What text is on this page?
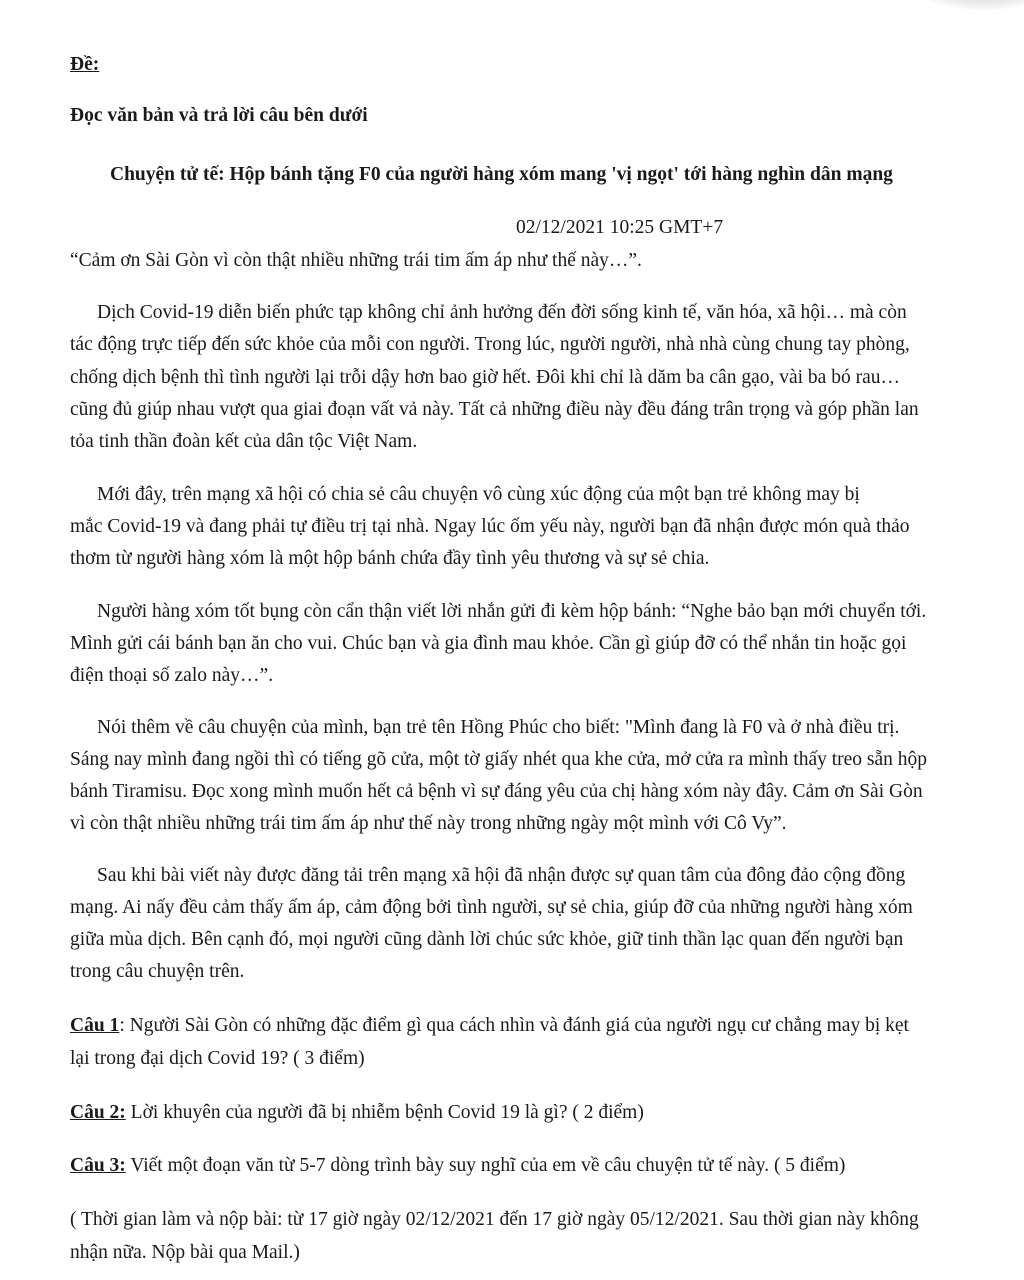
Đề:
Đọc văn bản và trả lời câu bên dưới
Chuyện tử tế: Hộp bánh tặng F0 của người hàng xóm mang 'vị ngọt' tới hàng nghìn dân mạng
02/12/2021 10:25 GMT+7
“Cảm ơn Sài Gòn vì còn thật nhiều những trái tim ấm áp như thế này…”.
Dịch Covid-19 diễn biến phức tạp không chỉ ảnh hưởng đến đời sống kinh tế, văn hóa, xã hội… mà còn
tác động trực tiếp đến sức khỏe của mỗi con người. Trong lúc, người người, nhà nhà cùng chung tay phòng,
chống dịch bệnh thì tình người lại trỗi dậy hơn bao giờ hết. Đôi khi chỉ là dăm ba cân gạo, vài ba bó rau…
cũng đủ giúp nhau vượt qua giai đoạn vất vả này. Tất cả những điều này đều đáng trân trọng và góp phần lan
tỏa tinh thần đoàn kết của dân tộc Việt Nam.
Mới đây, trên mạng xã hội có chia sẻ câu chuyện vô cùng xúc động của một bạn trẻ không may bị
mắc Covid-19 và đang phải tự điều trị tại nhà. Ngay lúc ốm yếu này, người bạn đã nhận được món quà thảo
thơm từ người hàng xóm là một hộp bánh chứa đầy tình yêu thương và sự sẻ chia.
Người hàng xóm tốt bụng còn cẩn thận viết lời nhắn gửi đi kèm hộp bánh: “Nghe bảo bạn mới chuyển tới.
Mình gửi cái bánh bạn ăn cho vui. Chúc bạn và gia đình mau khỏe. Cần gì giúp đỡ có thể nhắn tin hoặc gọi
điện thoại số zalo này…”.
Nói thêm về câu chuyện của mình, bạn trẻ tên Hồng Phúc cho biết: "Mình đang là F0 và ở nhà điều trị.
Sáng nay mình đang ngồi thì có tiếng gõ cửa, một tờ giấy nhét qua khe cửa, mở cửa ra mình thấy treo sẵn hộp
bánh Tiramisu. Đọc xong mình muốn hết cả bệnh vì sự đáng yêu của chị hàng xóm này đây. Cảm ơn Sài Gòn
vì còn thật nhiều những trái tim ấm áp như thế này trong những ngày một mình với Cô Vy”.
Sau khi bài viết này được đăng tải trên mạng xã hội đã nhận được sự quan tâm của đông đảo cộng đồng
mạng. Ai nấy đều cảm thấy ấm áp, cảm động bởi tình người, sự sẻ chia, giúp đỡ của những người hàng xóm
giữa mùa dịch. Bên cạnh đó, mọi người cũng dành lời chúc sức khỏe, giữ tinh thần lạc quan đến người bạn
trong câu chuyện trên.
Câu 1: Người Sài Gòn có những đặc điểm gì qua cách nhìn và đánh giá của người ngụ cư chẳng may bị kẹt
lại trong đại dịch Covid 19? ( 3 điểm)
Câu 2: Lời khuyên của người đã bị nhiễm bệnh Covid 19 là gì? ( 2 điểm)
Câu 3: Viết một đoạn văn từ 5-7 dòng trình bày suy nghĩ của em về câu chuyện tử tế này. ( 5 điểm)
( Thời gian làm và nộp bài: từ 17 giờ ngày 02/12/2021 đến 17 giờ ngày 05/12/2021. Sau thời gian này không
nhận nữa. Nộp bài qua Mail.)
